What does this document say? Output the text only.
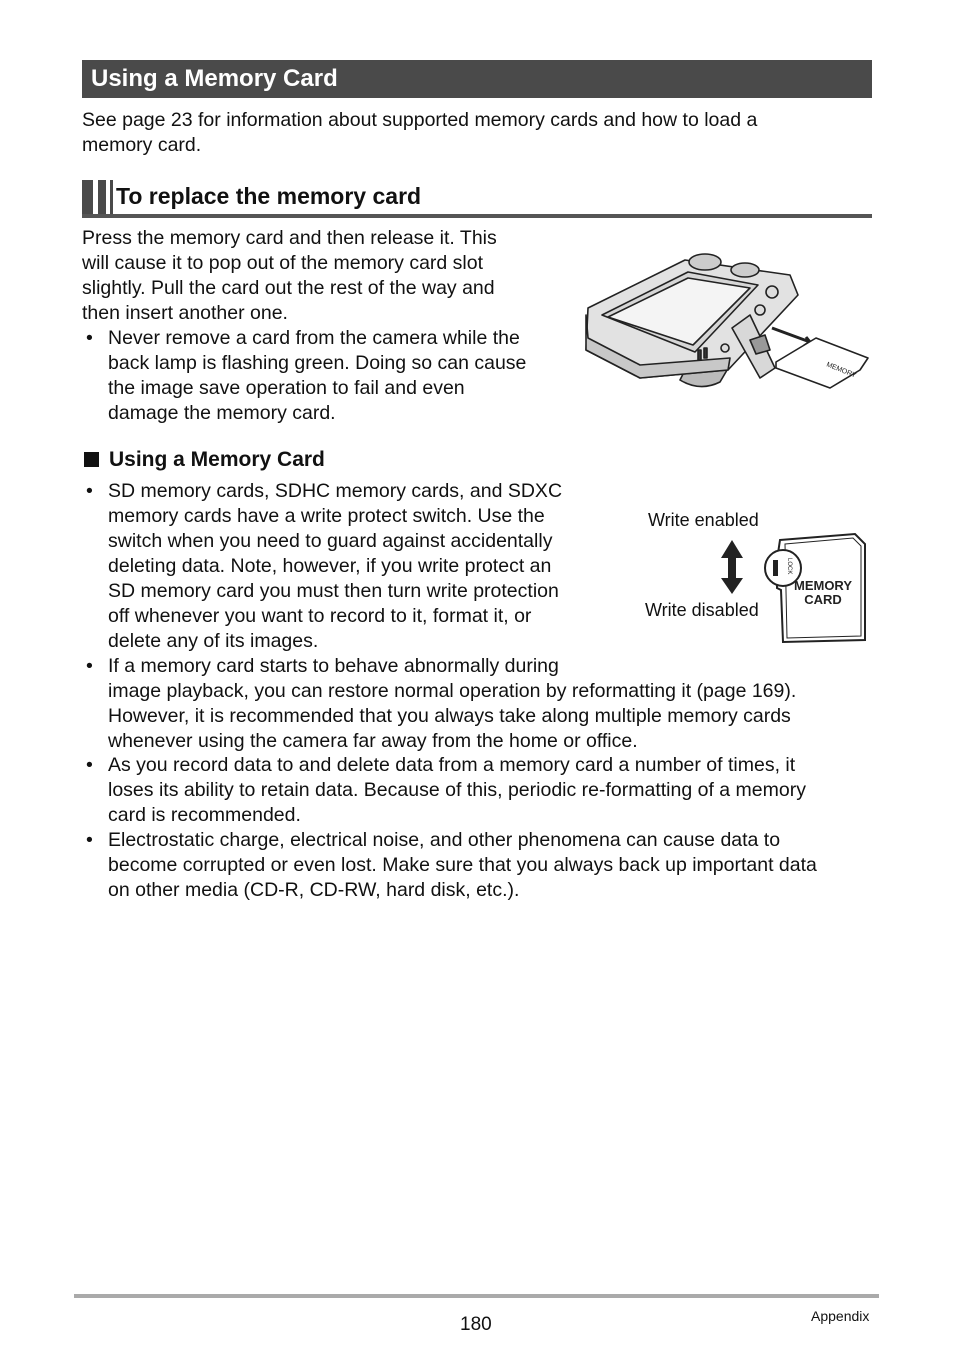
Using a Memory Card
See page 23 for information about supported memory cards and how to load a
memory card.
To replace the memory card
Press the memory card and then release it. This
will cause it to pop out of the memory card slot
slightly. Pull the card out the rest of the way and
then insert another one.
• Never remove a card from the camera while the
back lamp is flashing green. Doing so can cause
the image save operation to fail and even
damage the memory card.
MEMORY
Using a Memory Card
• SD memory cards, SDHC memory cards, and SDXC
memory cards have a write protect switch. Use the
switch when you need to guard against accidentally
deleting data. Note, however, if you write protect an
SD memory card you must then turn write protection
off whenever you want to record to it, format it, or
delete any of its images.
• If a memory card starts to behave abnormally during
image playback, you can restore normal operation by reformatting it (page 169).
However, it is recommended that you always take along multiple memory cards
whenever using the camera far away from the home or office.
• As you record data to and delete data from a memory card a number of times, it
loses its ability to retain data. Because of this, periodic re-formatting of a memory
card is recommended.
• Electrostatic charge, electrical noise, and other phenomena can cause data to
become corrupted or even lost. Make sure that you always back up important data
on other media (CD-R, CD-RW, hard disk, etc.).
Write enabled
Write disabled
LOCK
MEMORY
CARD
180	Appendix
